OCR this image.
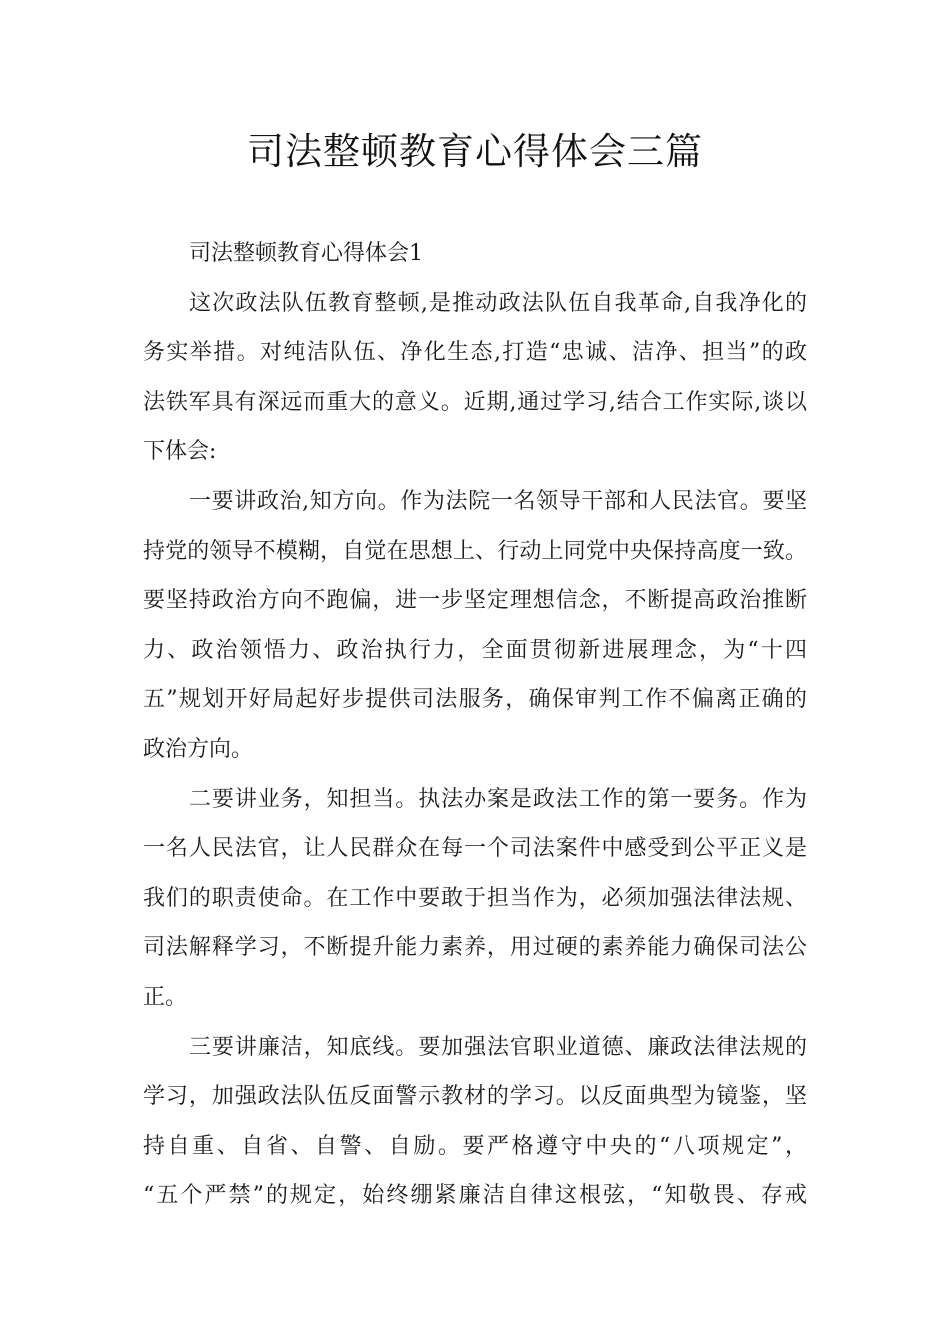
司法整顿教育心得体会三篇

司法整顿教育心得体会1

这次政法队伍教育整顿,是推动政法队伍自我革命,自我净化的
务实举措。对纯洁队伍、净化生态,打造“忠诚、洁净、担当”的政
法铁军具有深远而重大的意义。近期,通过学习,结合工作实际,谈以
下体会:

一要讲政治,知方向。作为法院一名领导干部和人民法官。要坚
持党的领导不模糊，自觉在思想上、行动上同党中央保持高度一致。
要坚持政治方向不跑偏，进一步坚定理想信念，不断提高政治推断
力、政治领悟力、政治执行力，全面贯彻新进展理念，为“十四
五”规划开好局起好步提供司法服务，确保审判工作不偏离正确的
政治方向。

二要讲业务，知担当。执法办案是政法工作的第一要务。作为
一名人民法官，让人民群众在每一个司法案件中感受到公平正义是
我们的职责使命。在工作中要敢于担当作为，必须加强法律法规、
司法解释学习，不断提升能力素养，用过硬的素养能力确保司法公
正。

三要讲廉洁，知底线。要加强法官职业道德、廉政法律法规的
学习，加强政法队伍反面警示教材的学习。以反面典型为镜鉴，坚
持自重、自省、自警、自励。要严格遵守中央的“八项规定”，
“五个严禁”的规定，始终绷紧廉洁自律这根弦，“知敬畏、存戒
